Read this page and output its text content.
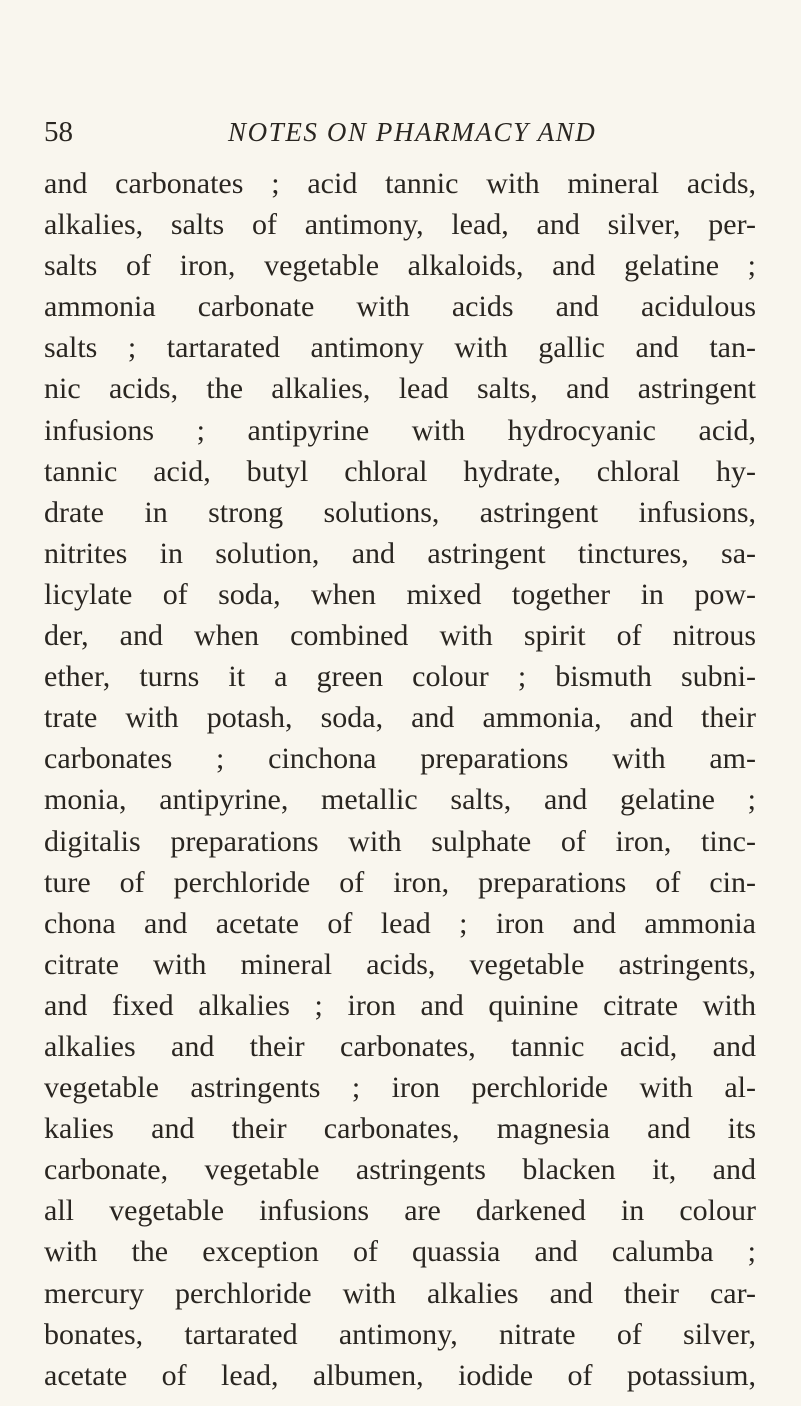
58	NOTES ON PHARMACY AND
and carbonates ; acid tannic with mineral acids,
alkalies, salts of antimony, lead, and silver, per-
salts of iron, vegetable alkaloids, and gelatine ;
ammonia carbonate with acids and acidulous
salts ; tartarated antimony with gallic and tan-
nic acids, the alkalies, lead salts, and astringent
infusions ; antipyrine with hydrocyanic acid,
tannic acid, butyl chloral hydrate, chloral hy-
drate in strong solutions, astringent infusions,
nitrites in solution, and astringent tinctures, sa-
licylate of soda, when mixed together in pow-
der, and when combined with spirit of nitrous
ether, turns it a green colour ; bismuth subni-
trate with potash, soda, and ammonia, and their
carbonates ; cinchona preparations with am-
monia, antipyrine, metallic salts, and gelatine ;
digitalis preparations with sulphate of iron, tinc-
ture of perchloride of iron, preparations of cin-
chona and acetate of lead ; iron and ammonia
citrate with mineral acids, vegetable astringents,
and fixed alkalies ; iron and quinine citrate with
alkalies and their carbonates, tannic acid, and
vegetable astringents ; iron perchloride with al-
kalies and their carbonates, magnesia and its
carbonate, vegetable astringents blacken it, and
all vegetable infusions are darkened in colour
with the exception of quassia and calumba ;
mercury perchloride with alkalies and their car-
bonates, tartarated antimony, nitrate of silver,
acetate of lead, albumen, iodide of potassium,
